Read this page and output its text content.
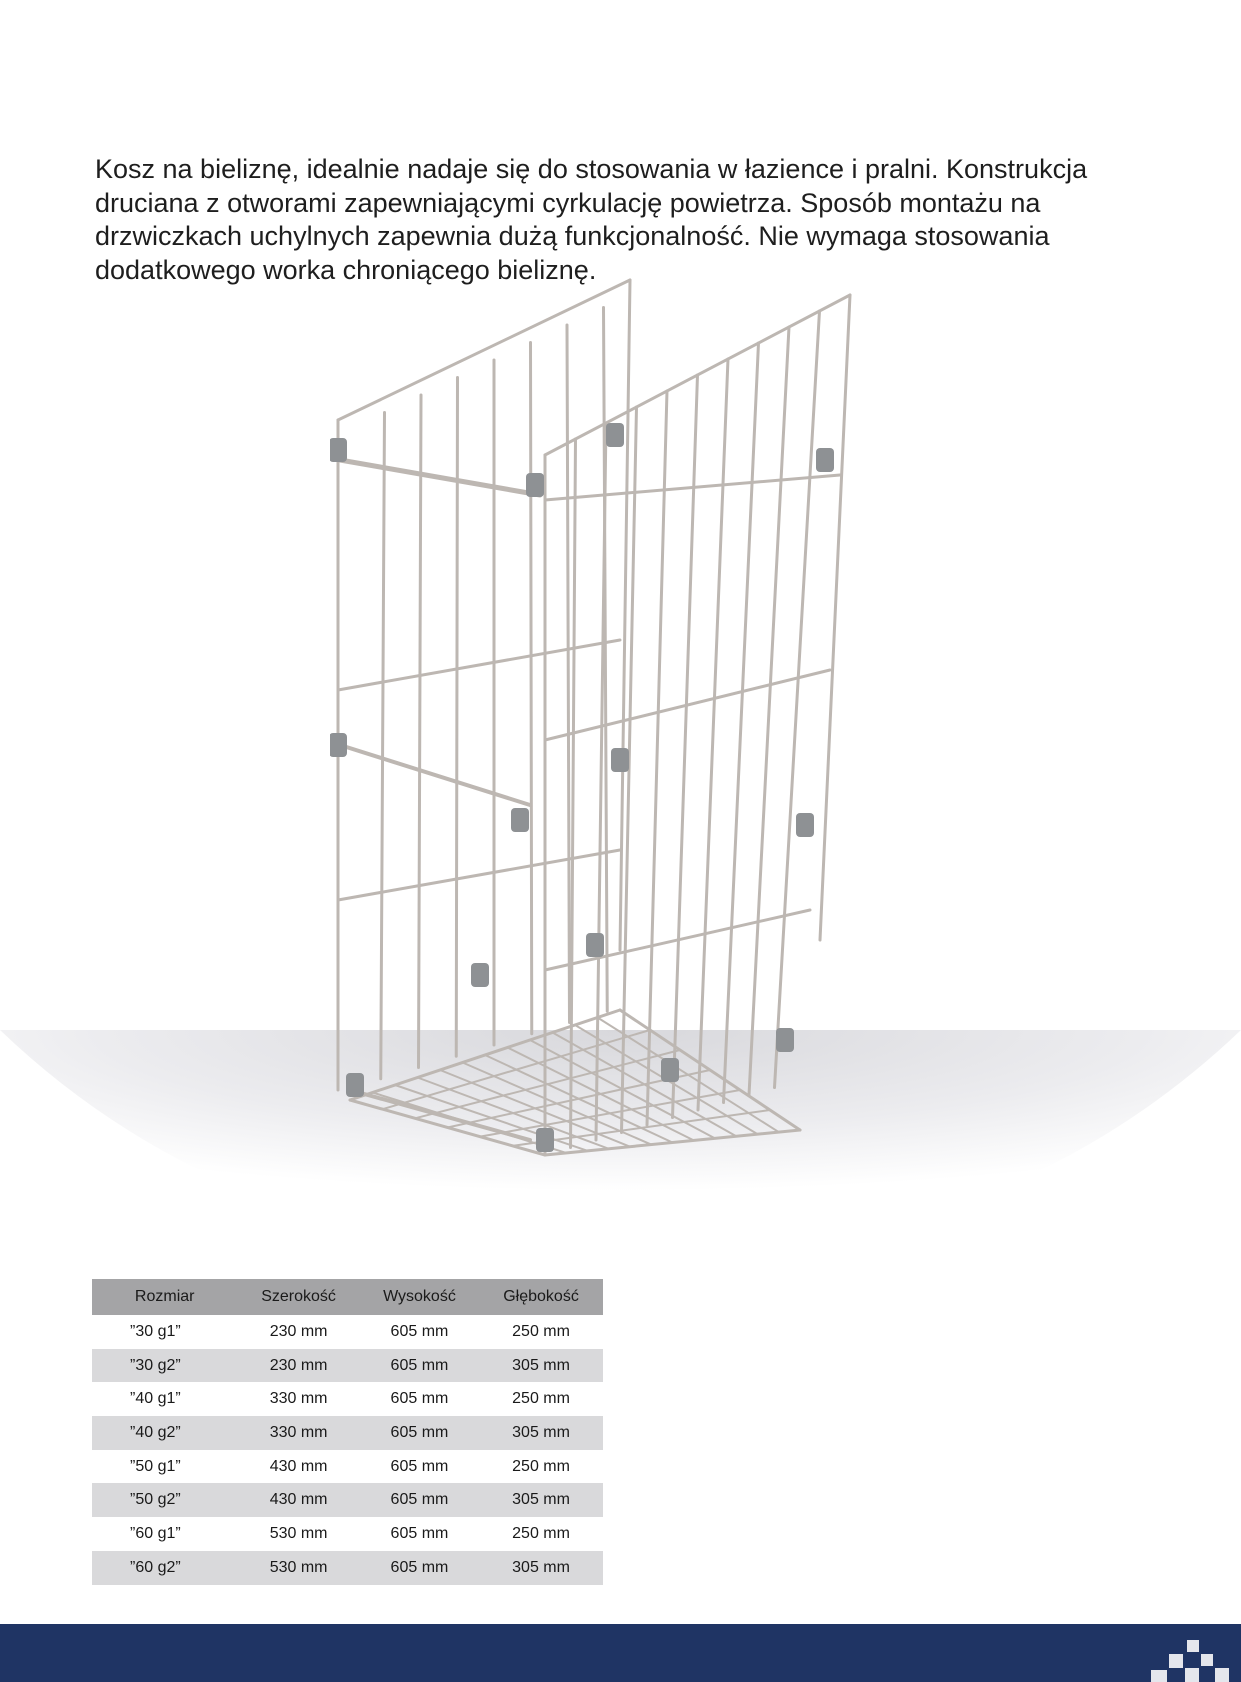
Kosz na bieliznę, idealnie nadaje się do stosowania w łazience i pralni. Konstrukcja
druciana z otworami zapewniającymi cyrkulację powietrza. Sposób montażu na
drzwiczkach uchylnych zapewnia dużą funkcjonalność. Nie wymaga stosowania
dodatkowego worka chroniącego bieliznę.

Rozmiar	Szerokość	Wysokość	Głębokość
”30 g1”	230 mm	605 mm	250 mm
”30 g2”	230 mm	605 mm	305 mm
”40 g1”	330 mm	605 mm	250 mm
”40 g2”	330 mm	605 mm	305 mm
”50 g1”	430 mm	605 mm	250 mm
”50 g2”	430 mm	605 mm	305 mm
”60 g1”	530 mm	605 mm	250 mm
”60 g2”	530 mm	605 mm	305 mm
